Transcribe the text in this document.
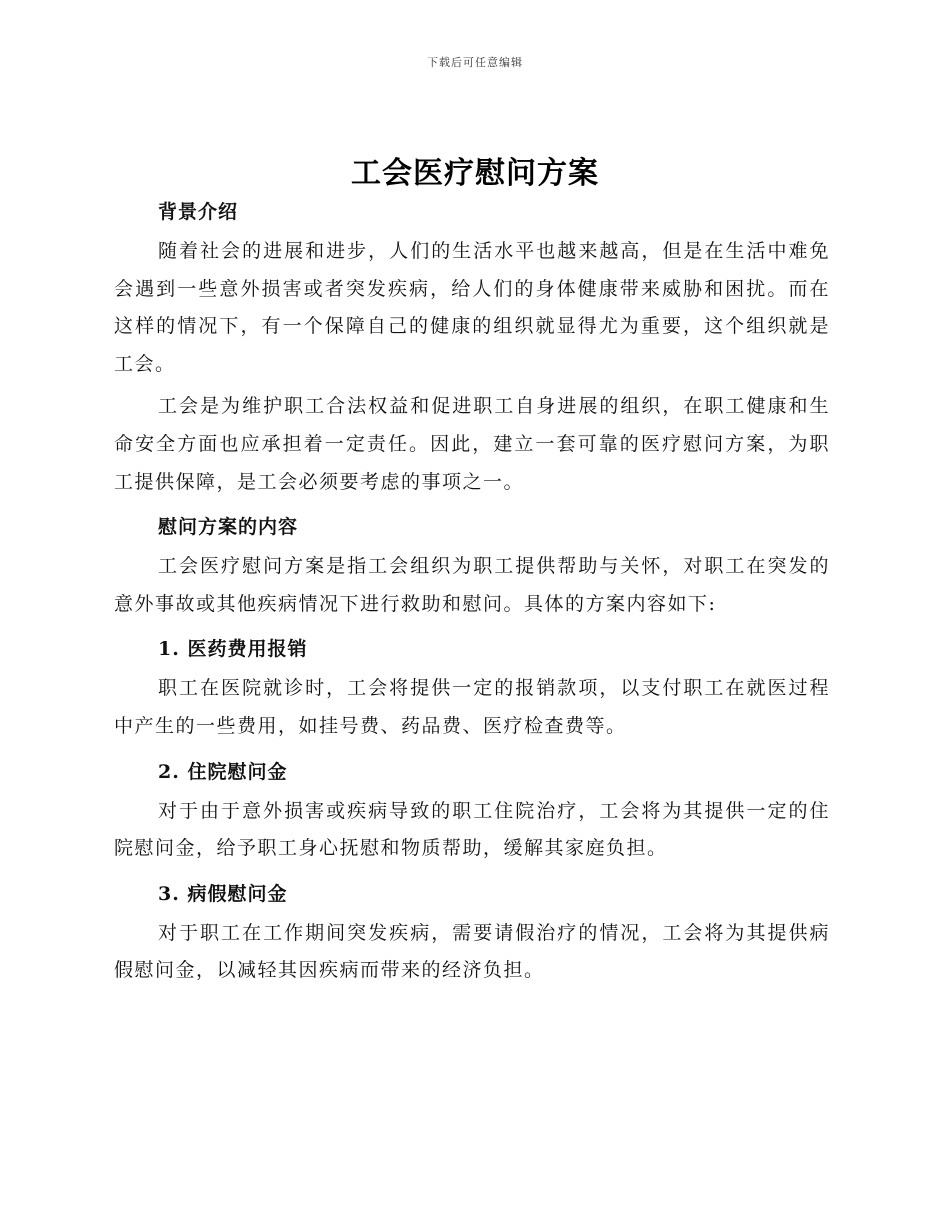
下载后可任意编辑
工会医疗慰问方案
背景介绍

随着社会的进展和进步，人们的生活水平也越来越高，但是在生活中难免会遇到一些意外损害或者突发疾病，给人们的身体健康带来威胁和困扰。而在这样的情况下，有一个保障自己的健康的组织就显得尤为重要，这个组织就是工会。

工会是为维护职工合法权益和促进职工自身进展的组织，在职工健康和生命安全方面也应承担着一定责任。因此，建立一套可靠的医疗慰问方案，为职工提供保障，是工会必须要考虑的事项之一。

慰问方案的内容

工会医疗慰问方案是指工会组织为职工提供帮助与关怀，对职工在突发的意外事故或其他疾病情况下进行救助和慰问。具体的方案内容如下:

1. 医药费用报销

职工在医院就诊时，工会将提供一定的报销款项，以支付职工在就医过程中产生的一些费用，如挂号费、药品费、医疗检查费等。

2. 住院慰问金

对于由于意外损害或疾病导致的职工住院治疗，工会将为其提供一定的住院慰问金，给予职工身心抚慰和物质帮助，缓解其家庭负担。

3. 病假慰问金

对于职工在工作期间突发疾病，需要请假治疗的情况，工会将为其提供病假慰问金，以减轻其因疾病而带来的经济负担。
